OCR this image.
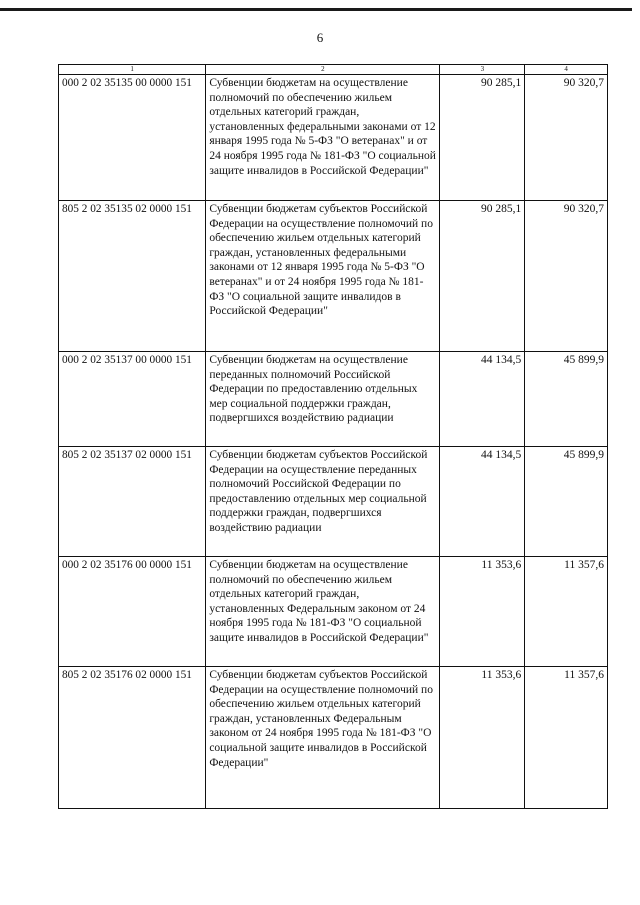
6
1	2	3	4
000 2 02 35135 00 0000 151	Субвенции бюджетам на осуществление полномочий по обеспечению жильем отдельных категорий граждан, установленных федеральными законами от 12 января 1995 года № 5-ФЗ "О ветеранах" и от 24 ноября 1995 года № 181-ФЗ "О социальной защите инвалидов в Российской Федерации"	90 285,1	90 320,7
805 2 02 35135 02 0000 151	Субвенции бюджетам субъектов Российской Федерации на осуществление полномочий по обеспечению жильем отдельных категорий граждан, установленных федеральными законами от 12 января 1995 года № 5-ФЗ "О ветеранах" и от 24 ноября 1995 года № 181-ФЗ "О социальной защите инвалидов в Российской Федерации"	90 285,1	90 320,7
000 2 02 35137 00 0000 151	Субвенции бюджетам на осуществление переданных полномочий Российской Федерации по предоставлению отдельных мер социальной поддержки граждан, подвергшихся воздействию радиации	44 134,5	45 899,9
805 2 02 35137 02 0000 151	Субвенции бюджетам субъектов Российской Федерации на осуществление переданных полномочий Российской Федерации по предоставлению отдельных мер социальной поддержки граждан, подвергшихся воздействию радиации	44 134,5	45 899,9
000 2 02 35176 00 0000 151	Субвенции бюджетам на осуществление полномочий по обеспечению жильем отдельных категорий граждан, установленных Федеральным законом от 24 ноября 1995 года № 181-ФЗ "О социальной защите инвалидов в Российской Федерации"	11 353,6	11 357,6
805 2 02 35176 02 0000 151	Субвенции бюджетам субъектов Российской Федерации на осуществление полномочий по обеспечению жильем отдельных категорий граждан, установленных Федеральным законом от 24 ноября 1995 года № 181-ФЗ "О социальной защите инвалидов в Российской Федерации"	11 353,6	11 357,6
